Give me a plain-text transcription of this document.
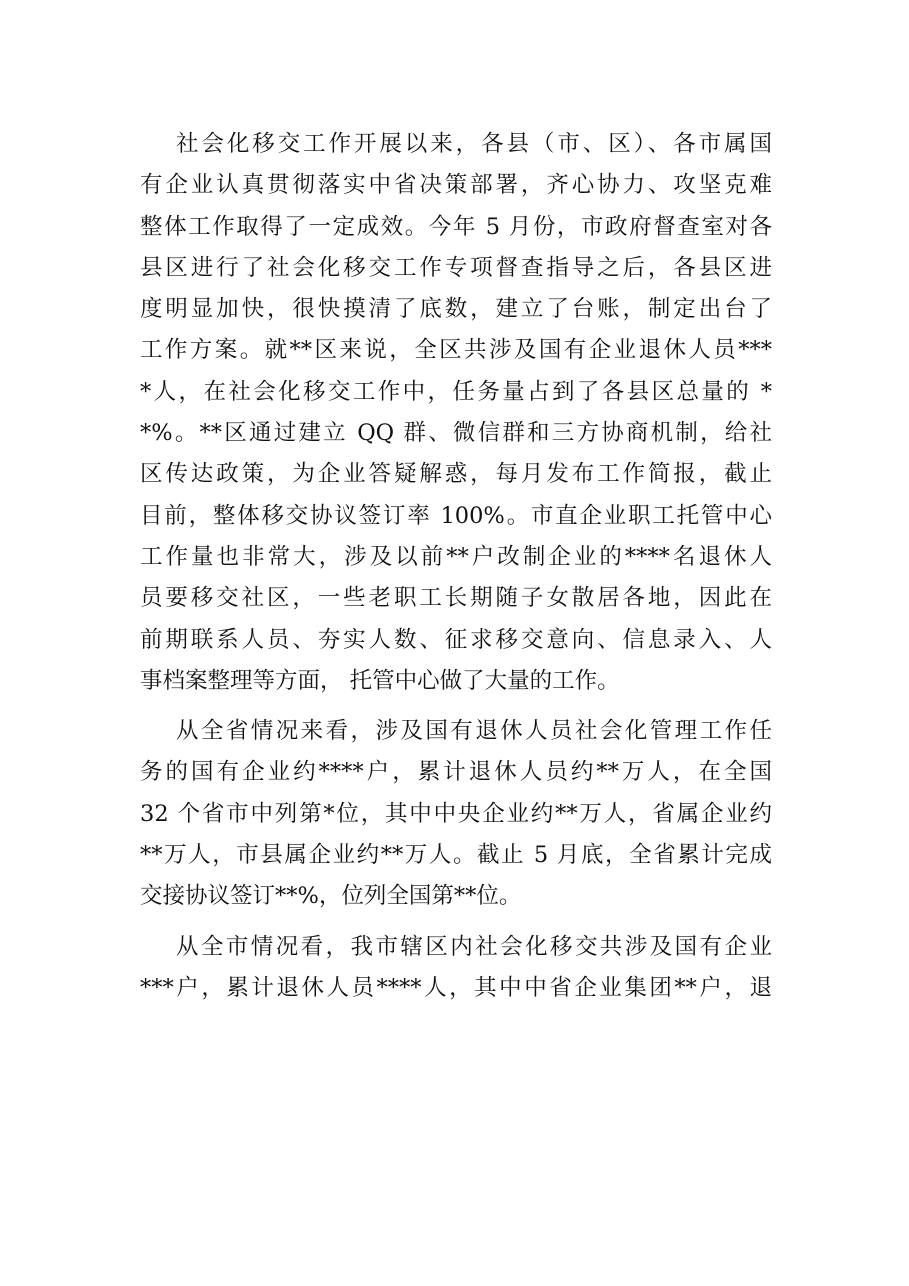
社会化移交工作开展以来，各县（市、区）、各市属国
有企业认真贯彻落实中省决策部署，齐心协力、攻坚克难
整体工作取得了一定成效。今年 5 月份，市政府督查室对各
县区进行了社会化移交工作专项督查指导之后，各县区进
度明显加快，很快摸清了底数，建立了台账，制定出台了
工作方案。就**区来说，全区共涉及国有企业退休人员***
*人，在社会化移交工作中，任务量占到了各县区总量的 *
*%。**区通过建立 QQ 群、微信群和三方协商机制，给社
区传达政策，为企业答疑解惑，每月发布工作简报，截止
目前，整体移交协议签订率 100%。市直企业职工托管中心
工作量也非常大，涉及以前**户改制企业的****名退休人
员要移交社区，一些老职工长期随子女散居各地，因此在
前期联系人员、夯实人数、征求移交意向、信息录入、人
事档案整理等方面， 托管中心做了大量的工作。
从全省情况来看，涉及国有退休人员社会化管理工作任
务的国有企业约****户，累计退休人员约**万人，在全国
32 个省市中列第*位，其中中央企业约**万人，省属企业约
**万人，市县属企业约**万人。截止 5 月底，全省累计完成
交接协议签订**%，位列全国第**位。
从全市情况看，我市辖区内社会化移交共涉及国有企业
***户，累计退休人员****人，其中中省企业集团**户，退
